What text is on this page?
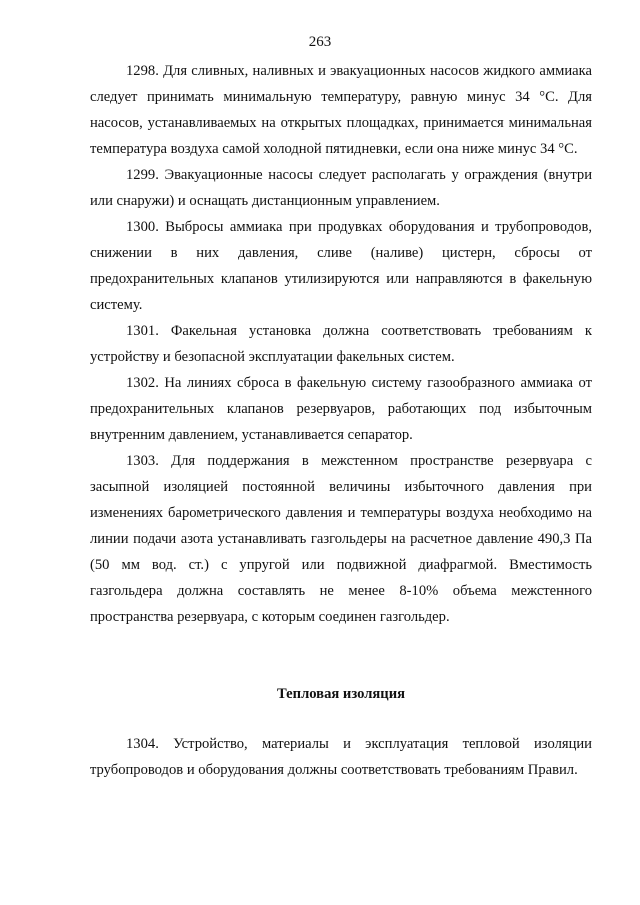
263

1298. Для сливных, наливных и эвакуационных насосов жидкого аммиака следует принимать минимальную температуру, равную минус 34 °С. Для насосов, устанавливаемых на открытых площадках, принимается минимальная температура воздуха самой холодной пятидневки, если она ниже минус 34 °С.

1299. Эвакуационные насосы следует располагать у ограждения (внутри или снаружи) и оснащать дистанционным управлением.

1300. Выбросы аммиака при продувках оборудования и трубопроводов, снижении в них давления, сливе (наливе) цистерн, сбросы от предохранительных клапанов утилизируются или направляются в факельную систему.

1301. Факельная установка должна соответствовать требованиям к устройству и безопасной эксплуатации факельных систем.

1302. На линиях сброса в факельную систему газообразного аммиака от предохранительных клапанов резервуаров, работающих под избыточным внутренним давлением, устанавливается сепаратор.

1303. Для поддержания в межстенном пространстве резервуара с засыпной изоляцией постоянной величины избыточного давления при изменениях барометрического давления и температуры воздуха необходимо на линии подачи азота устанавливать газгольдеры на расчетное давление 490,3 Па (50 мм вод. ст.) с упругой или подвижной диафрагмой. Вместимость газгольдера должна составлять не менее 8-10% объема межстенного пространства резервуара, с которым соединен газгольдер.

Тепловая изоляция

1304. Устройство, материалы и эксплуатация тепловой изоляции трубопроводов и оборудования должны соответствовать требованиям Правил.
